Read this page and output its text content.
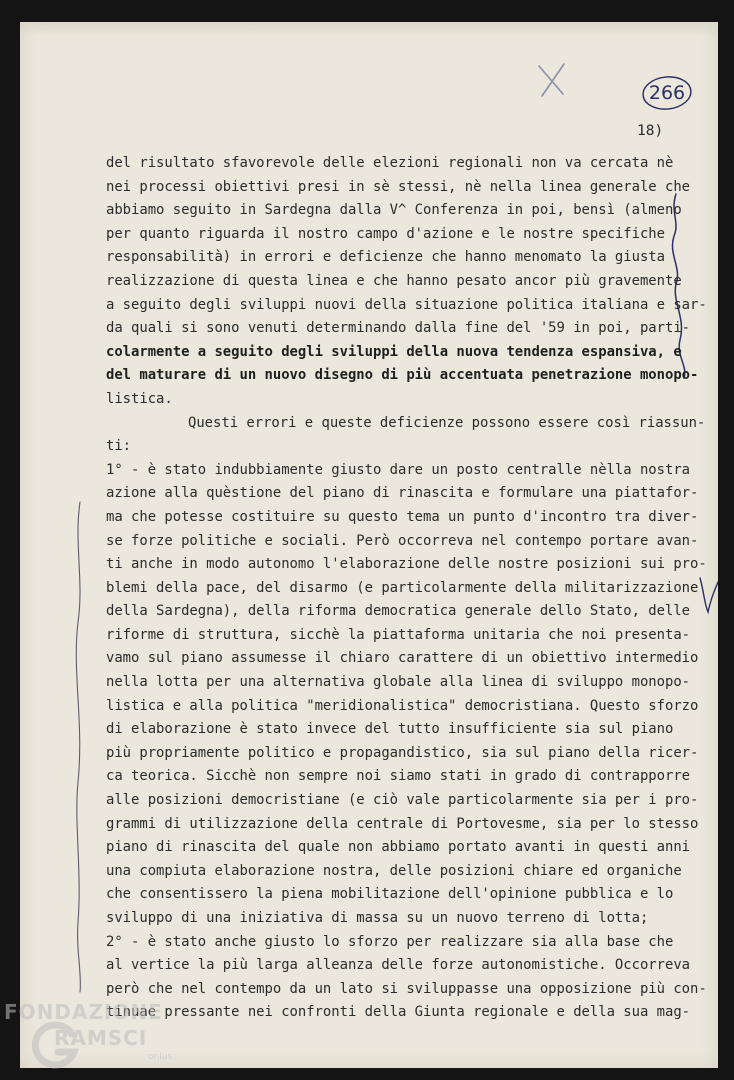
266
18)
del risultato sfavorevole delle elezioni regionali non va cercata nè
nei processi obiettivi presi in sè stessi, nè nella linea generale che
abbiamo seguito in Sardegna dalla V^ Conferenza in poi, bensì (almeno
per quanto riguarda il nostro campo d'azione e le nostre specifiche
responsabilità) in errori e deficienze che hanno menomato la giusta
realizzazione di questa linea e che hanno pesato ancor più gravemente
a seguito degli sviluppi nuovi della situazione politica italiana e sar-
da quali si sono venuti determinando dalla fine del '59 in poi, parti-
colarmente a seguito degli sviluppi della nuova tendenza espansiva, e
del maturare di un nuovo disegno di più accentuata penetrazione monopo-
listica.
Questi errori e queste deficienze possono essere così riassun-
ti:
1° - è stato indubbiamente giusto dare un posto centralle nèlla nostra
azione alla quèstione del piano di rinascita e formulare una piattafor-
ma che potesse costituire su questo tema un punto d'incontro tra diver-
se forze politiche e sociali. Però occorreva nel contempo portare avan-
ti anche in modo autonomo l'elaborazione delle nostre posizioni sui pro-
blemi della pace, del disarmo (e particolarmente della militarizzazione
della Sardegna), della riforma democratica generale dello Stato, delle
riforme di struttura, sicchè la piattaforma unitaria che noi presenta-
vamo sul piano assumesse il chiaro carattere di un obiettivo intermedio
nella lotta per una alternativa globale alla linea di sviluppo monopo-
listica e alla politica "meridionalistica" democristiana. Questo sforzo
di elaborazione è stato invece del tutto insufficiente sia sul piano
più propriamente politico e propagandistico, sia sul piano della ricer-
ca teorica. Sicchè non sempre noi siamo stati in grado di contrapporre
alle posizioni democristiane (e ciò vale particolarmente sia per i pro-
grammi di utilizzazione della centrale di Portovesme, sia per lo stesso
piano di rinascita del quale non abbiamo portato avanti in questi anni
una compiuta elaborazione nostra, delle posizioni chiare ed organiche
che consentissero la piena mobilitazione dell'opinione pubblica e lo
sviluppo di una iniziativa di massa su un nuovo terreno di lotta;
2° - è stato anche giusto lo sforzo per realizzare sia alla base che
al vertice la più larga alleanza delle forze autonomistiche. Occorreva
però che nel contempo da un lato si sviluppasse una opposizione più con-
tinuae pressante nei confronti della Giunta regionale e della sua mag-
FONDAZIONE
RAMSCI
onlus
